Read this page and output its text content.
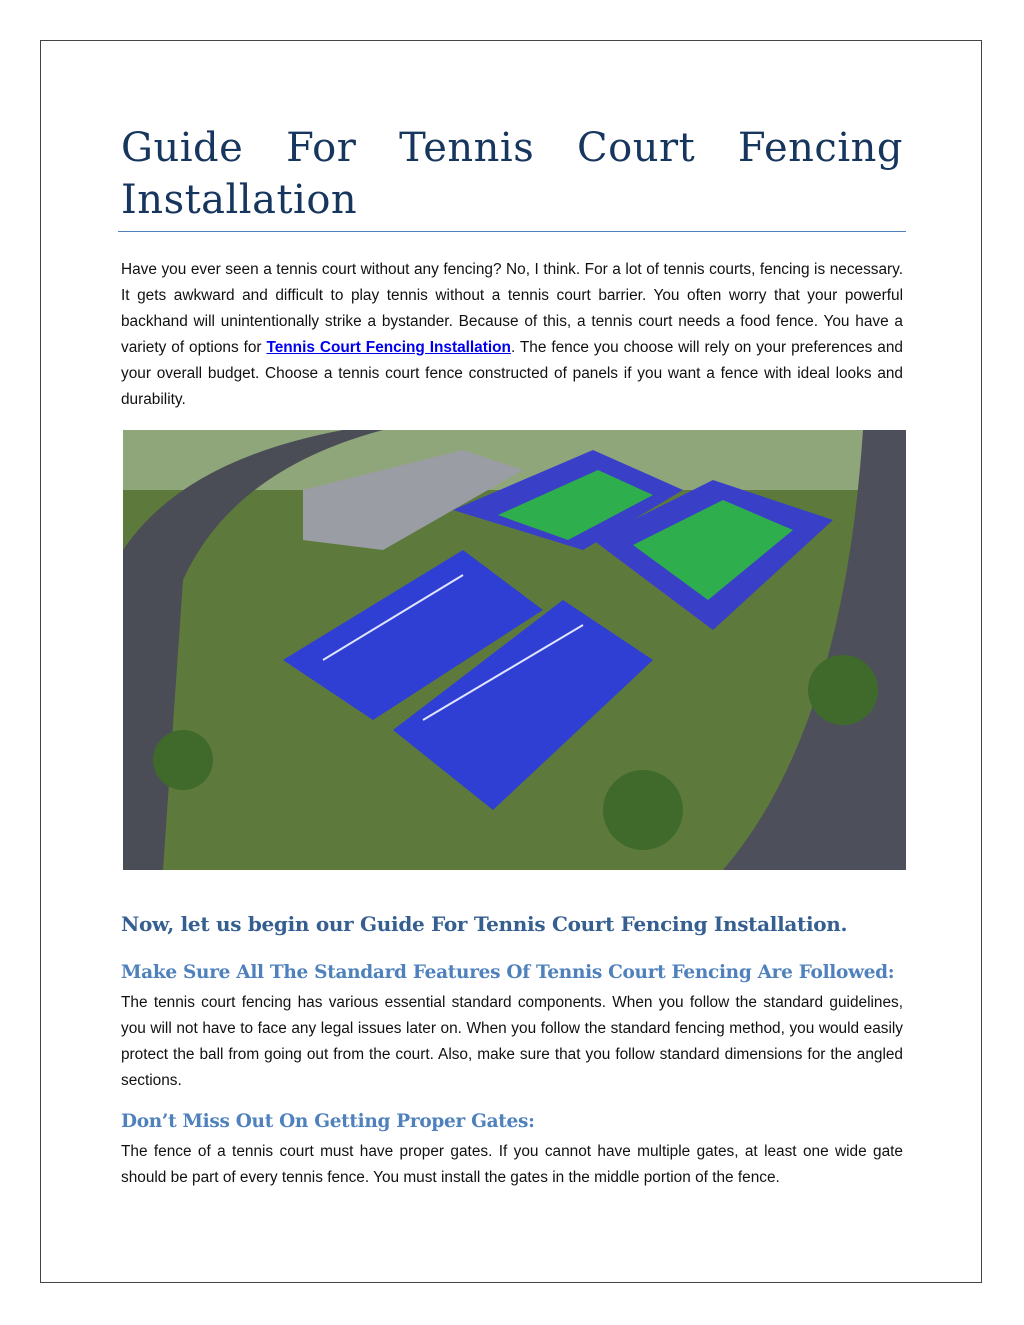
Guide For Tennis Court Fencing Installation

Have you ever seen a tennis court without any fencing? No, I think. For a lot of tennis courts, fencing is necessary. It gets awkward and difficult to play tennis without a tennis court barrier. You often worry that your powerful backhand will unintentionally strike a bystander. Because of this, a tennis court needs a food fence. You have a variety of options for Tennis Court Fencing Installation. The fence you choose will rely on your preferences and your overall budget. Choose a tennis court fence constructed of panels if you want a fence with ideal looks and durability.

Now, let us begin our Guide For Tennis Court Fencing Installation.
Make Sure All The Standard Features Of Tennis Court Fencing Are Followed:

The tennis court fencing has various essential standard components. When you follow the standard guidelines, you will not have to face any legal issues later on. When you follow the standard fencing method, you would easily protect the ball from going out from the court. Also, make sure that you follow standard dimensions for the angled sections.

Don’t Miss Out On Getting Proper Gates:

The fence of a tennis court must have proper gates. If you cannot have multiple gates, at least one wide gate should be part of every tennis fence. You must install the gates in the middle portion of the fence.
